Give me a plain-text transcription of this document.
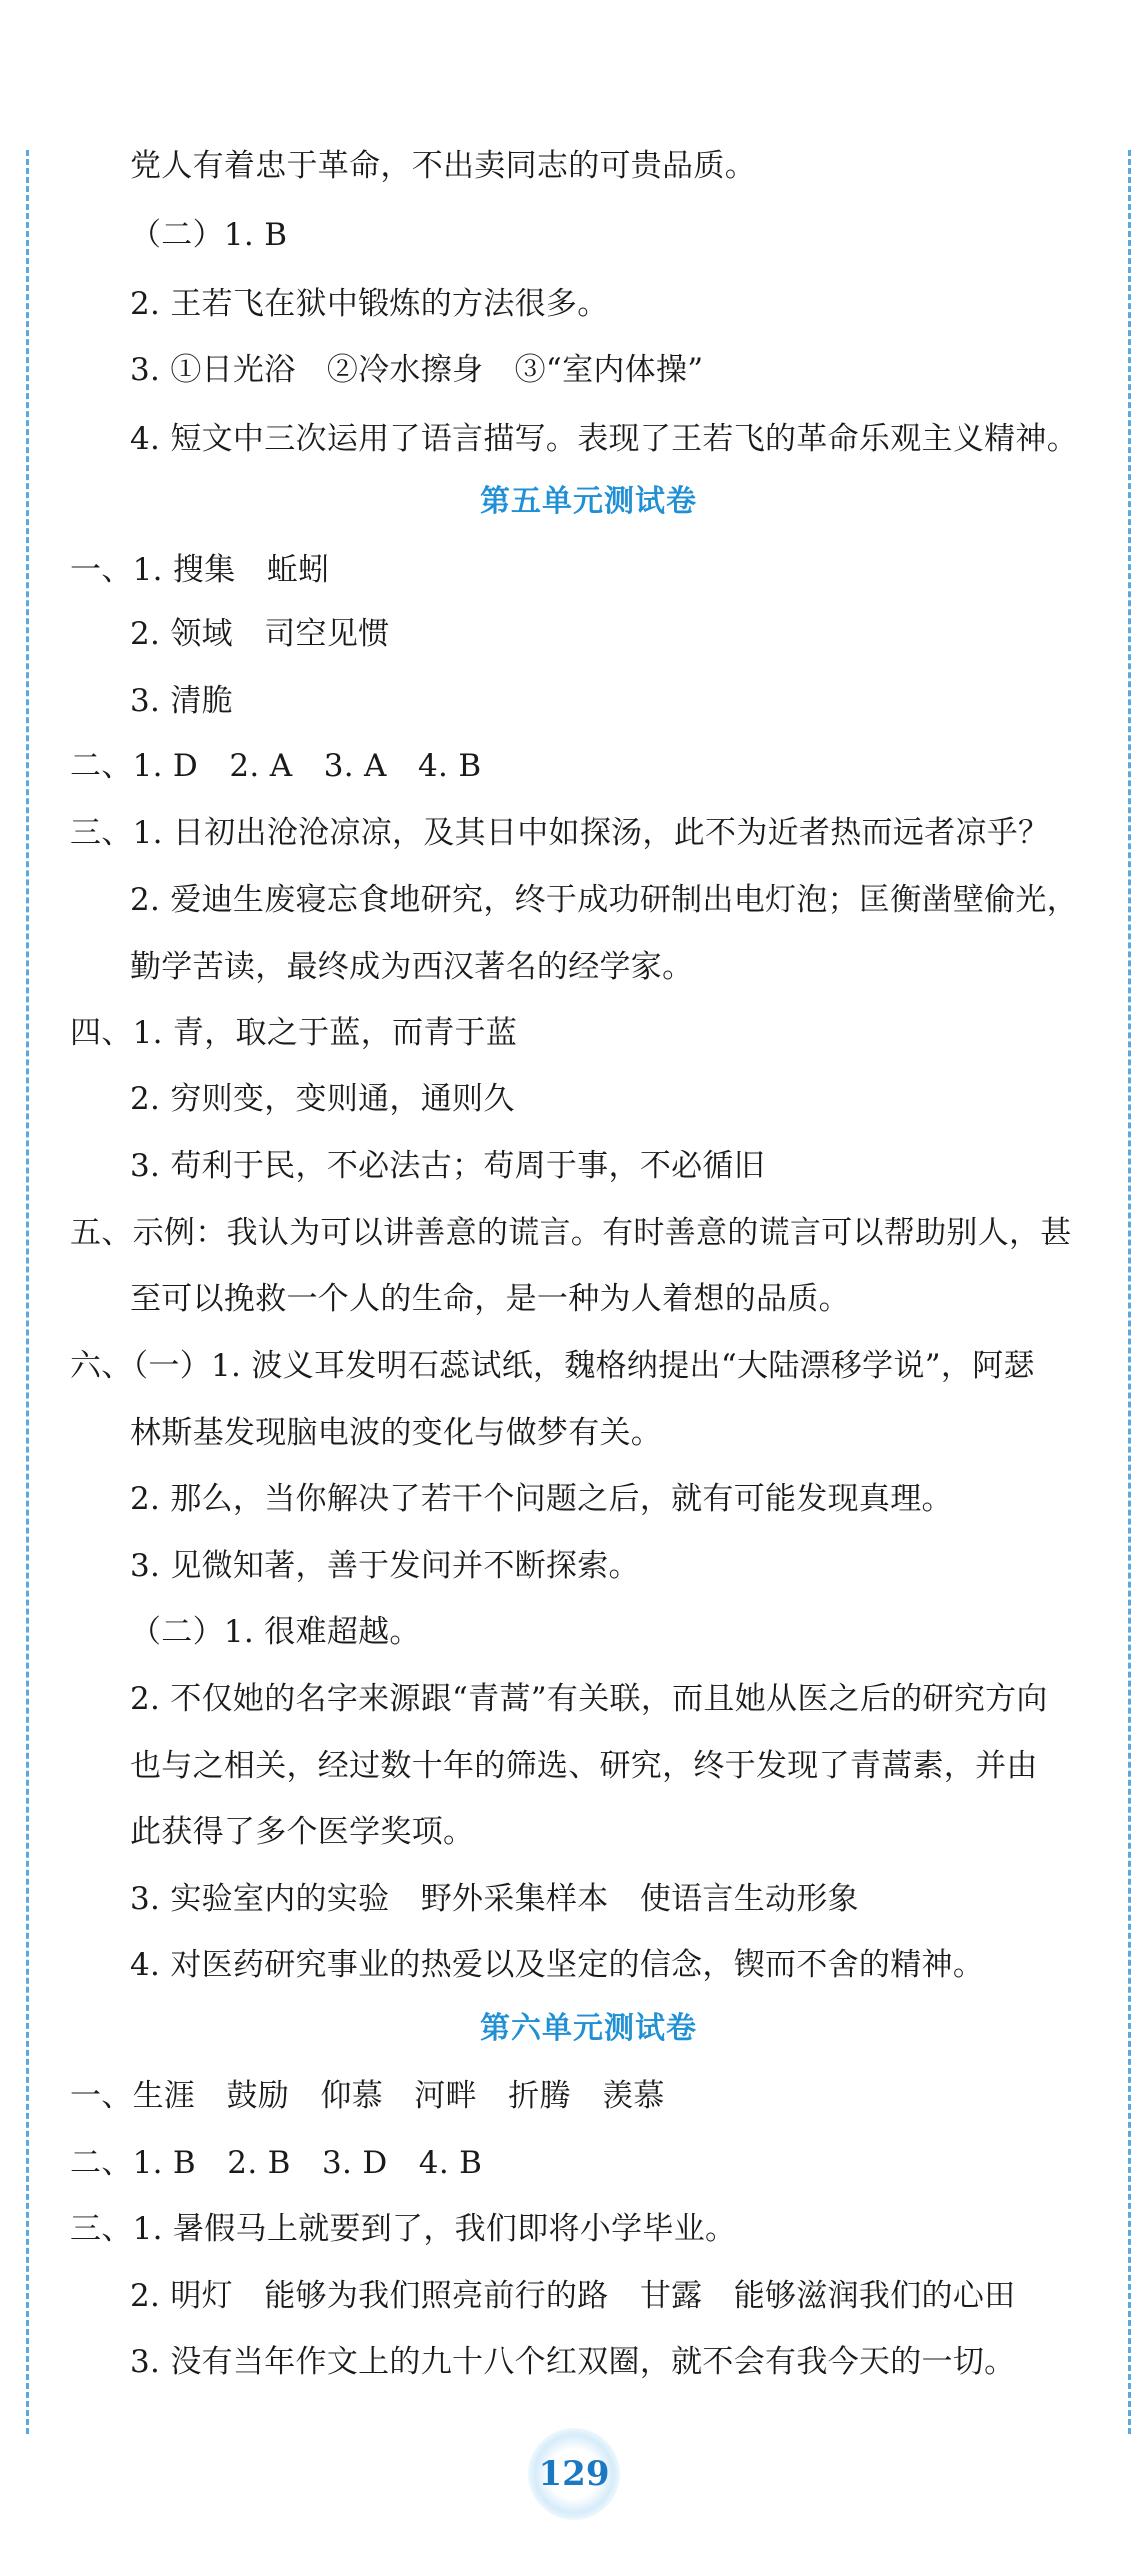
党人有着忠于革命，不出卖同志的可贵品质。
（二）1. B
2. 王若飞在狱中锻炼的方法很多。
3. ①日光浴　②冷水擦身　③“室内体操”
4. 短文中三次运用了语言描写。表现了王若飞的革命乐观主义精神。
第五单元测试卷
一、1. 搜集　蚯蚓
2. 领域　司空见惯
3. 清脆
二、1. D　2. A　3. A　4. B
三、1. 日初出沧沧凉凉，及其日中如探汤，此不为近者热而远者凉乎？
2. 爱迪生废寝忘食地研究，终于成功研制出电灯泡；匡衡凿壁偷光，
勤学苦读，最终成为西汉著名的经学家。
四、1. 青，取之于蓝，而青于蓝
2. 穷则变，变则通，通则久
3. 苟利于民，不必法古；苟周于事，不必循旧
五、示例：我认为可以讲善意的谎言。有时善意的谎言可以帮助别人，甚
至可以挽救一个人的生命，是一种为人着想的品质。
六、（一）1. 波义耳发明石蕊试纸，魏格纳提出“大陆漂移学说”，阿瑟
林斯基发现脑电波的变化与做梦有关。
2. 那么，当你解决了若干个问题之后，就有可能发现真理。
3. 见微知著，善于发问并不断探索。
（二）1. 很难超越。
2. 不仅她的名字来源跟“青蒿”有关联，而且她从医之后的研究方向
也与之相关，经过数十年的筛选、研究，终于发现了青蒿素，并由
此获得了多个医学奖项。
3. 实验室内的实验　野外采集样本　使语言生动形象
4. 对医药研究事业的热爱以及坚定的信念，锲而不舍的精神。
第六单元测试卷
一、生涯　鼓励　仰慕　河畔　折腾　羡慕
二、1. B　2. B　3. D　4. B
三、1. 暑假马上就要到了，我们即将小学毕业。
2. 明灯　能够为我们照亮前行的路　甘露　能够滋润我们的心田
3. 没有当年作文上的九十八个红双圈，就不会有我今天的一切。
129
